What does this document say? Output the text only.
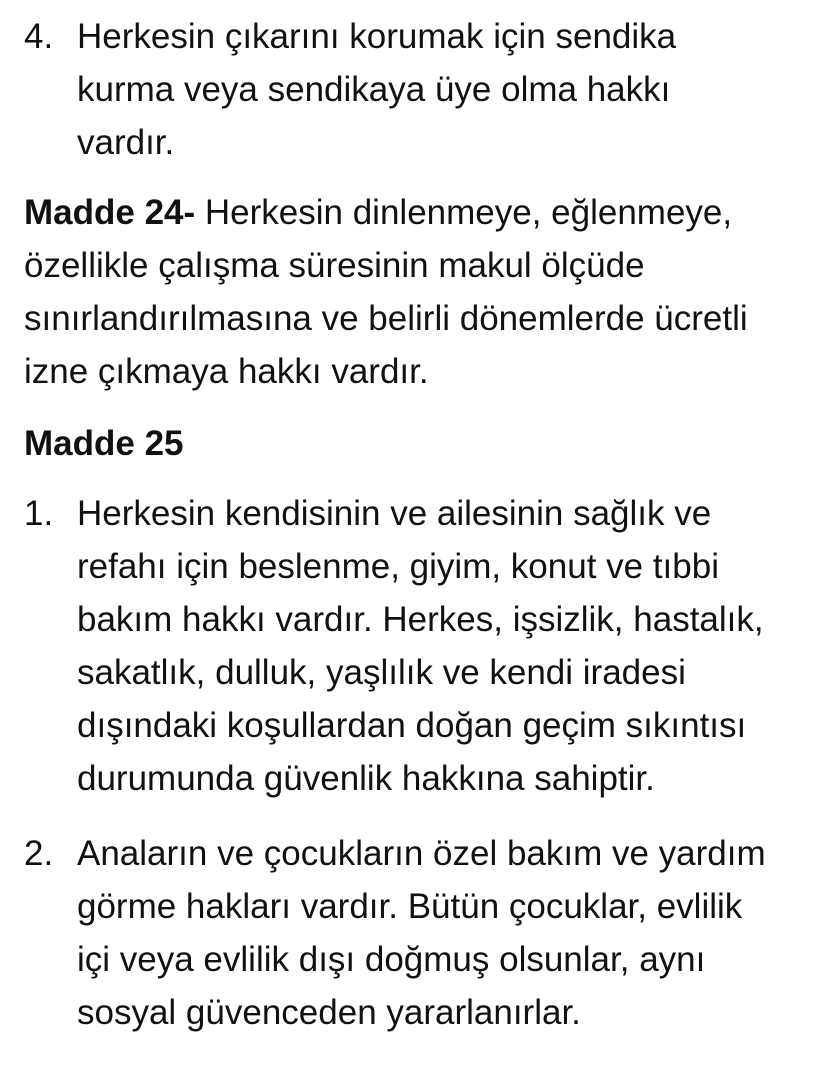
4. Herkesin çıkarını korumak için sendika
kurma veya sendikaya üye olma hakkı
vardır.
Madde 24- Herkesin dinlenmeye, eğlenmeye,
özellikle çalışma süresinin makul ölçüde
sınırlandırılmasına ve belirli dönemlerde ücretli
izne çıkmaya hakkı vardır.
Madde 25
1. Herkesin kendisinin ve ailesinin sağlık ve
refahı için beslenme, giyim, konut ve tıbbi
bakım hakkı vardır. Herkes, işsizlik, hastalık,
sakatlık, dulluk, yaşlılık ve kendi iradesi
dışındaki koşullardan doğan geçim sıkıntısı
durumunda güvenlik hakkına sahiptir.
2. Anaların ve çocukların özel bakım ve yardım
görme hakları vardır. Bütün çocuklar, evlilik
içi veya evlilik dışı doğmuş olsunlar, aynı
sosyal güvenceden yararlanırlar.
